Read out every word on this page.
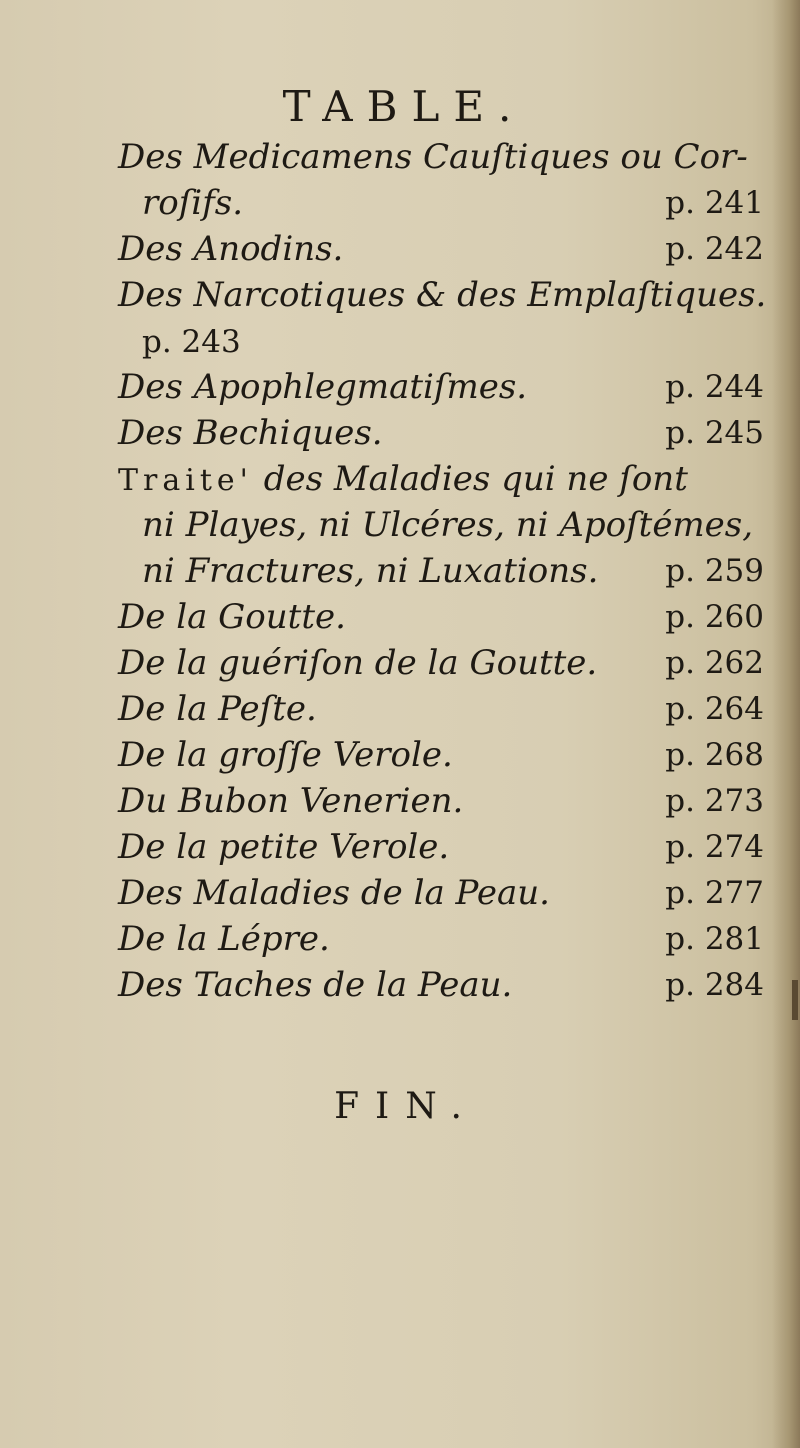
TABLE.
Des Medicamens Cauſtiques ou Cor-
roſifs.	p. 241
Des Anodins.	p. 242
Des Narcotiques & des Emplaſtiques.
p. 243
Des Apophlegmatiſmes.	p. 244
Des Bechiques.	p. 245
Traite' des Maladies qui ne ſont
ni Playes, ni Ulcéres, ni Apoſtémes,
ni Fractures, ni Luxations. p. 259
De la Goutte.	p. 260
De la guériſon de la Goutte. p. 262
De la Peſte.	p. 264
De la groſſe Verole.	p. 268
Du Bubon Venerien.	p. 273
De la petite Verole.	p. 274
Des Maladies de la Peau.	p. 277
De la Lépre.	p. 281
Des Taches de la Peau.	p. 284
FIN.
